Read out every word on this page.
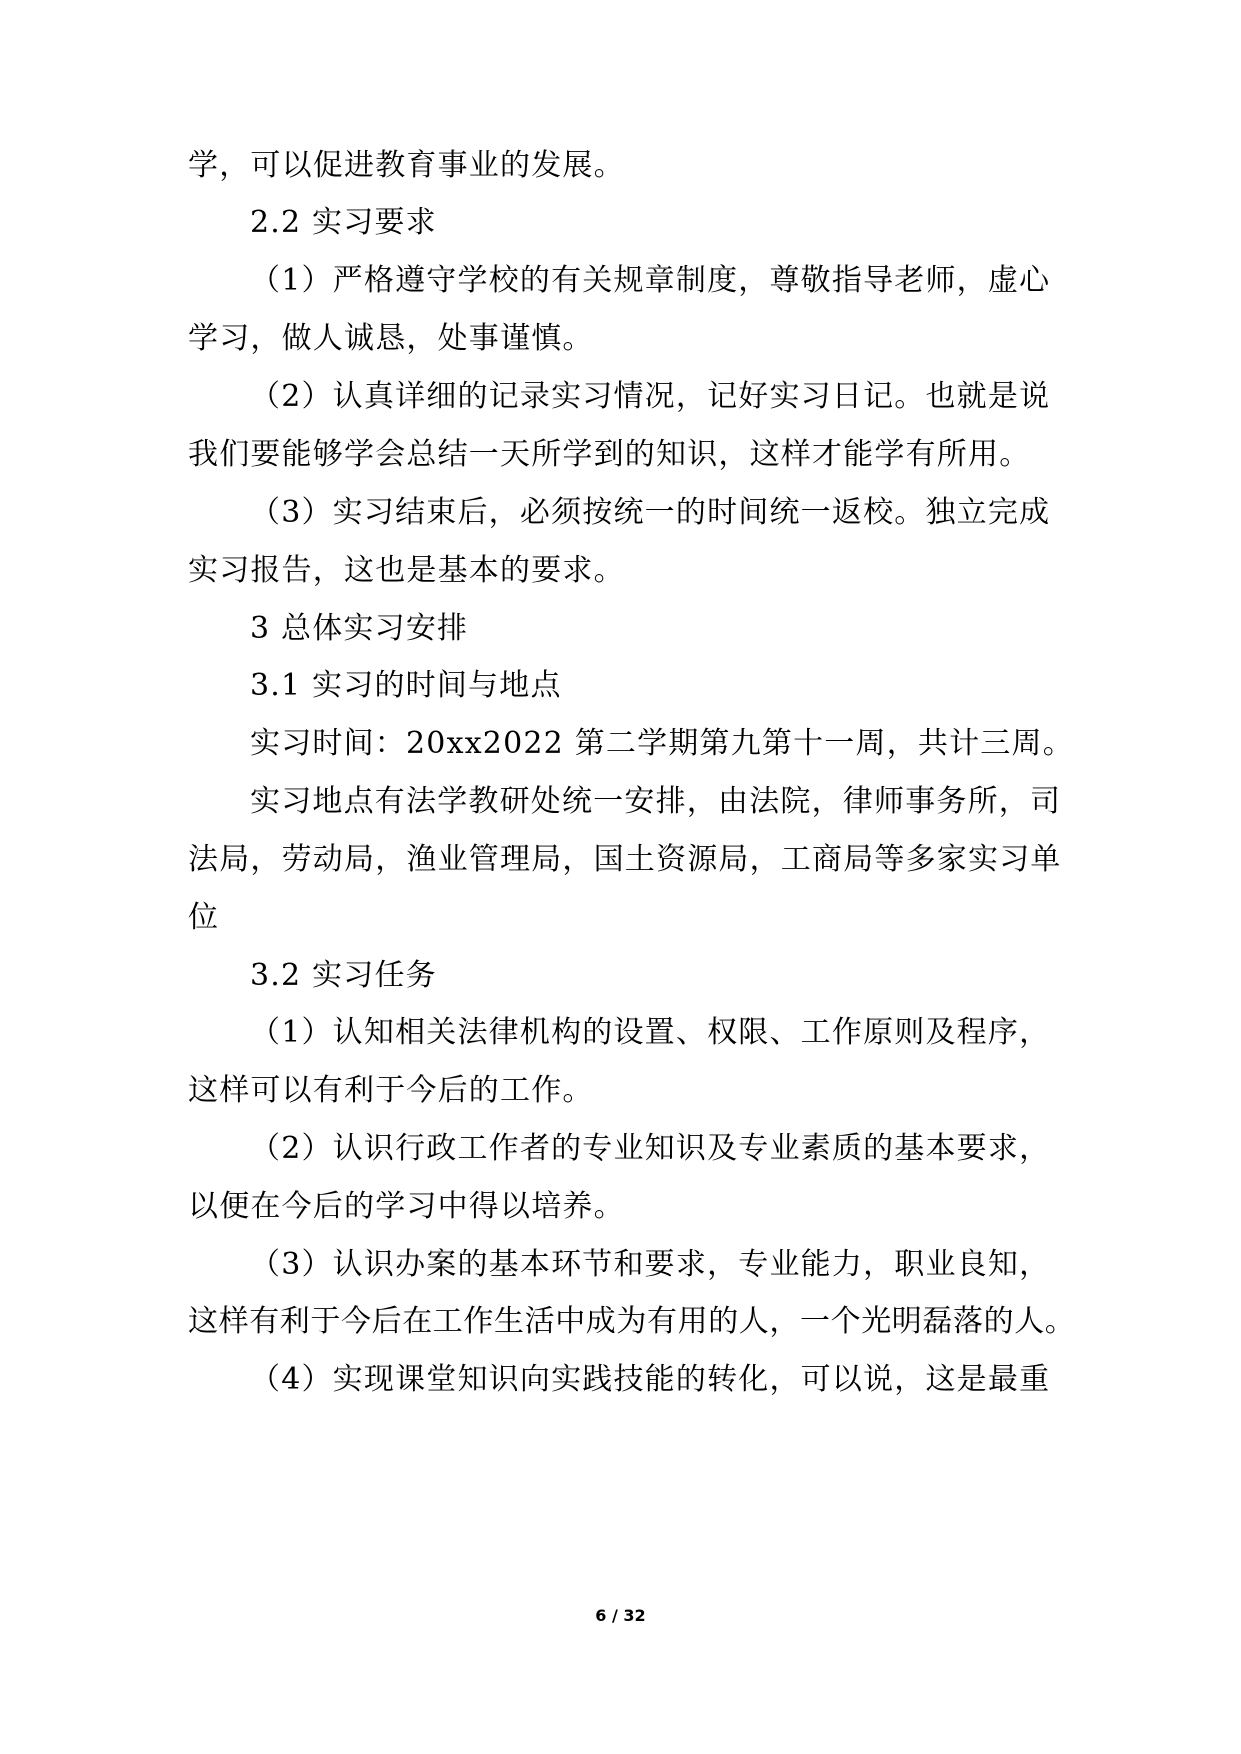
学，可以促进教育事业的发展。
2.2 实习要求
（1）严格遵守学校的有关规章制度，尊敬指导老师，虚心
学习，做人诚恳，处事谨慎。
（2）认真详细的记录实习情况，记好实习日记。也就是说
我们要能够学会总结一天所学到的知识，这样才能学有所用。
（3）实习结束后，必须按统一的时间统一返校。独立完成
实习报告，这也是基本的要求。
3 总体实习安排
3.1 实习的时间与地点
实习时间：20xx2022 第二学期第九第十一周，共计三周。
实习地点有法学教研处统一安排，由法院，律师事务所，司
法局，劳动局，渔业管理局，国土资源局，工商局等多家实习单
位
3.2 实习任务
（1）认知相关法律机构的设置、权限、工作原则及程序，
这样可以有利于今后的工作。
（2）认识行政工作者的专业知识及专业素质的基本要求，
以便在今后的学习中得以培养。
（3）认识办案的基本环节和要求，专业能力，职业良知，
这样有利于今后在工作生活中成为有用的人，一个光明磊落的人。
（4）实现课堂知识向实践技能的转化，可以说，这是最重
6 / 32
